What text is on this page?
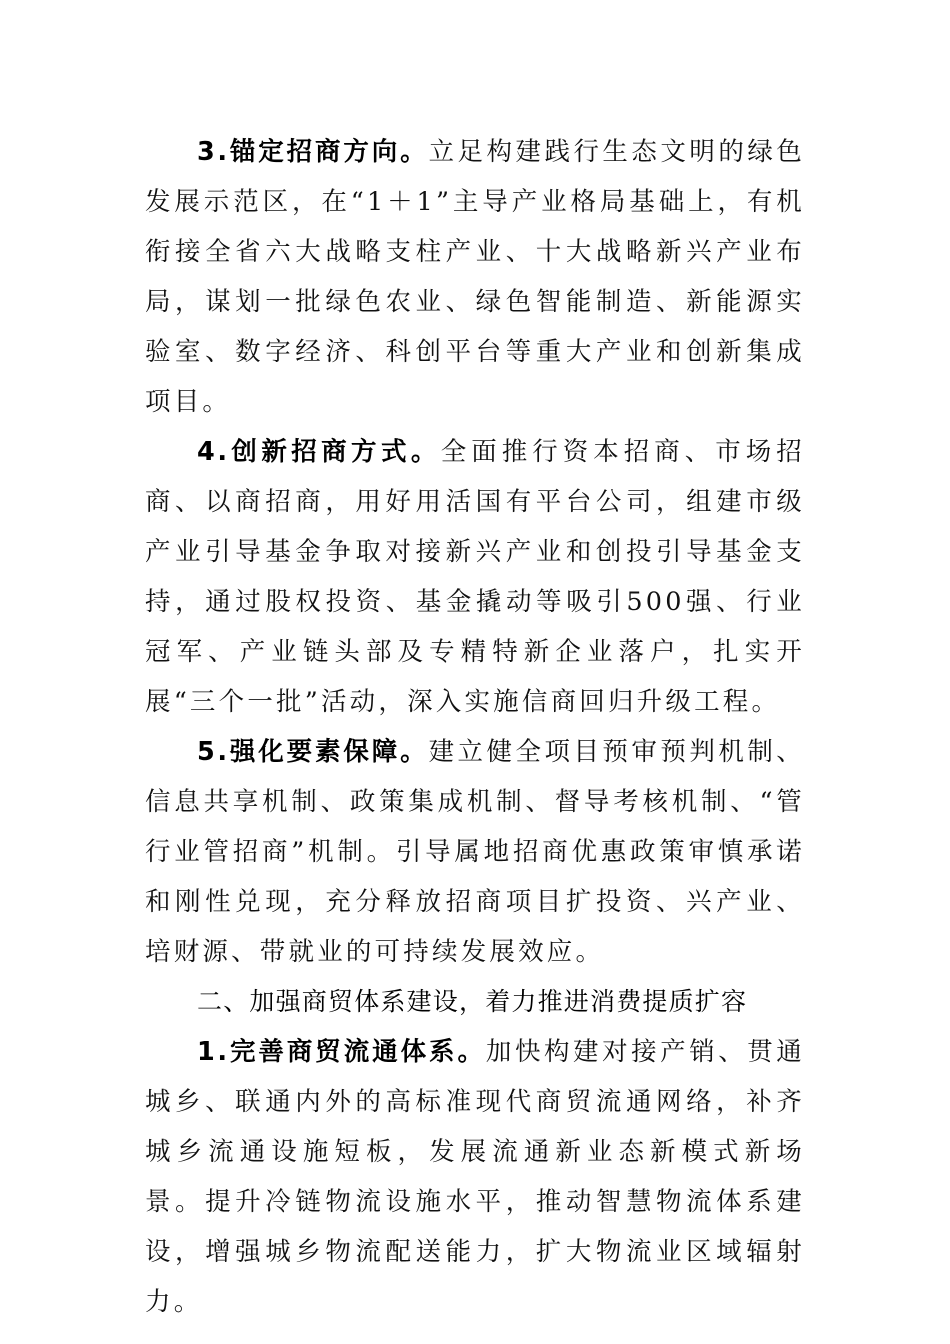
3.锚定招商方向。立足构建践行生态文明的绿色发展示范区，在“1＋1”主导产业格局基础上，有机衔接全省六大战略支柱产业、十大战略新兴产业布局，谋划一批绿色农业、绿色智能制造、新能源实验室、数字经济、科创平台等重大产业和创新集成项目。

4.创新招商方式。全面推行资本招商、市场招商、以商招商，用好用活国有平台公司，组建市级产业引导基金争取对接新兴产业和创投引导基金支持，通过股权投资、基金撬动等吸引500强、行业冠军、产业链头部及专精特新企业落户，扎实开展“三个一批”活动，深入实施信商回归升级工程。

5.强化要素保障。建立健全项目预审预判机制、信息共享机制、政策集成机制、督导考核机制、“管行业管招商”机制。引导属地招商优惠政策审慎承诺和刚性兑现，充分释放招商项目扩投资、兴产业、培财源、带就业的可持续发展效应。

二、加强商贸体系建设，着力推进消费提质扩容

1.完善商贸流通体系。加快构建对接产销、贯通城乡、联通内外的高标准现代商贸流通网络，补齐城乡流通设施短板，发展流通新业态新模式新场景。提升冷链物流设施水平，推动智慧物流体系建设，增强城乡物流配送能力，扩大物流业区域辐射力。
